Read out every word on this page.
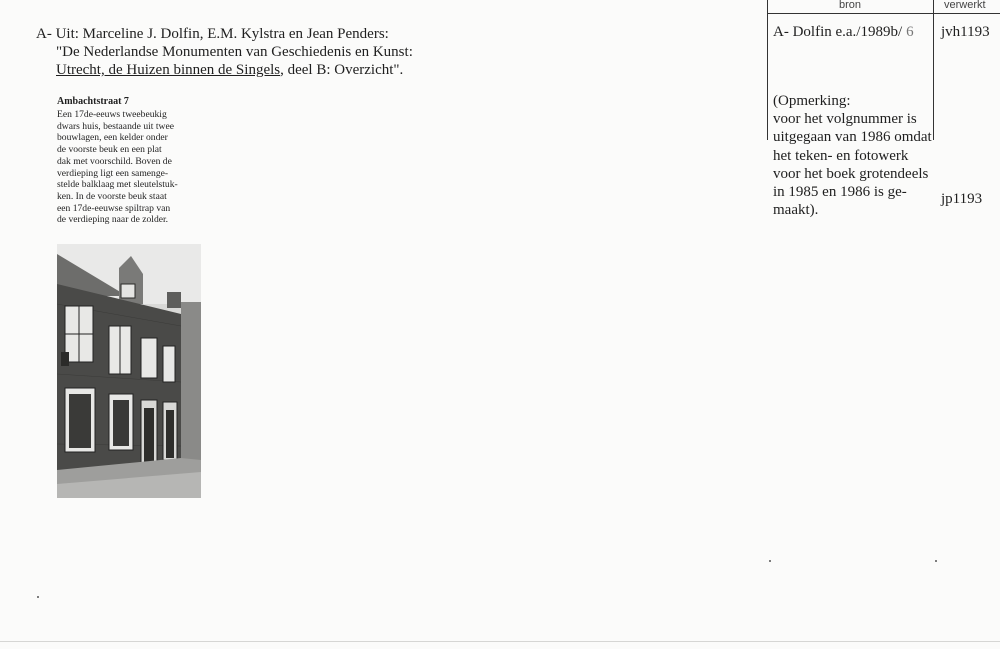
A- Uit: Marceline J. Dolfin, E.M. Kylstra en Jean Penders:
"De Nederlandse Monumenten van Geschiedenis en Kunst:
Utrecht, de Huizen binnen de Singels, deel B: Overzicht".
Ambachtstraat 7
Een 17de-eeuws tweebeukig
dwars huis, bestaande uit twee
bouwlagen, een kelder onder
de voorste beuk en een plat
dak met voorschild. Boven de
verdieping ligt een samenge-
stelde balklaag met sleutelstuk-
ken. In de voorste beuk staat
een 17de-eeuwse spiltrap van
de verdieping naar de zolder.
bron	verwerkt
A- Dolfin e.a./1989b/ 6 jvh1193
(Opmerking:
voor het volgnummer is
uitgegaan van 1986 omdat
het teken- en fotowerk
voor het boek grotendeels
in 1985 en 1986 is ge-
maakt).
jp1193
